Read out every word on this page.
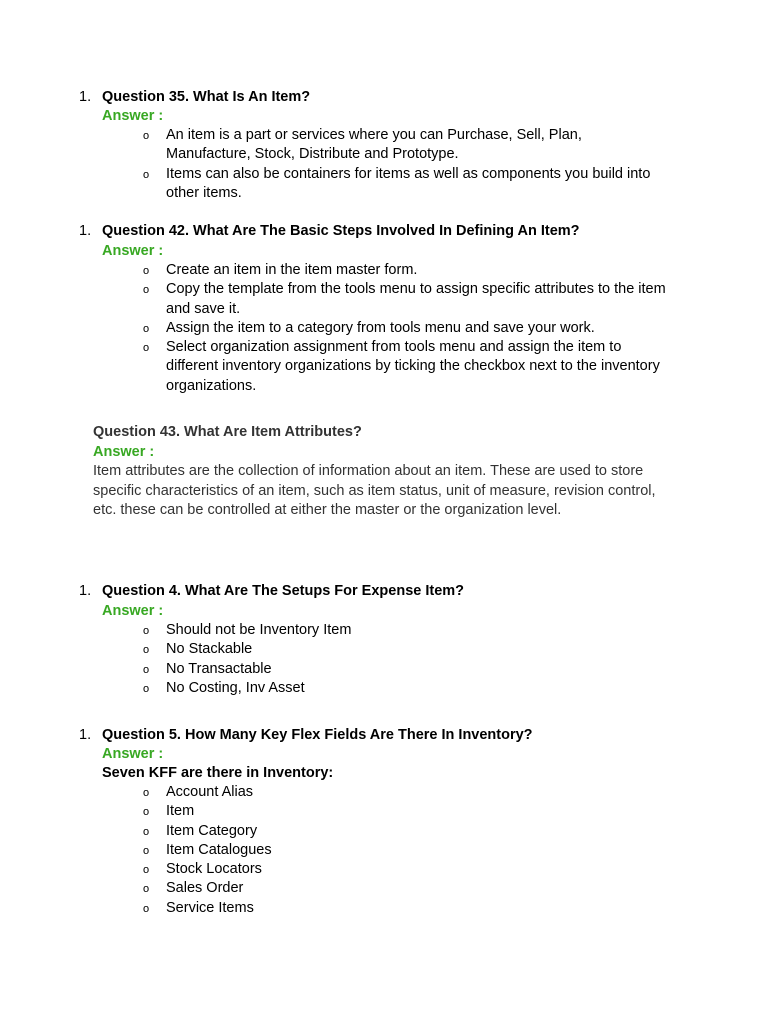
1. Question 35. What Is An Item?
Answer :
o An item is a part or services where you can Purchase, Sell, Plan, Manufacture, Stock, Distribute and Prototype.
o Items can also be containers for items as well as components you build into other items.
1. Question 42. What Are The Basic Steps Involved In Defining An Item?
Answer :
o Create an item in the item master form.
o Copy the template from the tools menu to assign specific attributes to the item and save it.
o Assign the item to a category from tools menu and save your work.
o Select organization assignment from tools menu and assign the item to different inventory organizations by ticking the checkbox next to the inventory organizations.
Question 43. What Are Item Attributes?
Answer :
Item attributes are the collection of information about an item. These are used to store specific characteristics of an item, such as item status, unit of measure, revision control, etc. these can be controlled at either the master or the organization level.
1. Question 4. What Are The Setups For Expense Item?
Answer :
o Should not be Inventory Item
o No Stackable
o No Transactable
o No Costing, Inv Asset
1. Question 5. How Many Key Flex Fields Are There In Inventory?
Answer :
Seven KFF are there in Inventory:
o Account Alias
o Item
o Item Category
o Item Catalogues
o Stock Locators
o Sales Order
o Service Items
